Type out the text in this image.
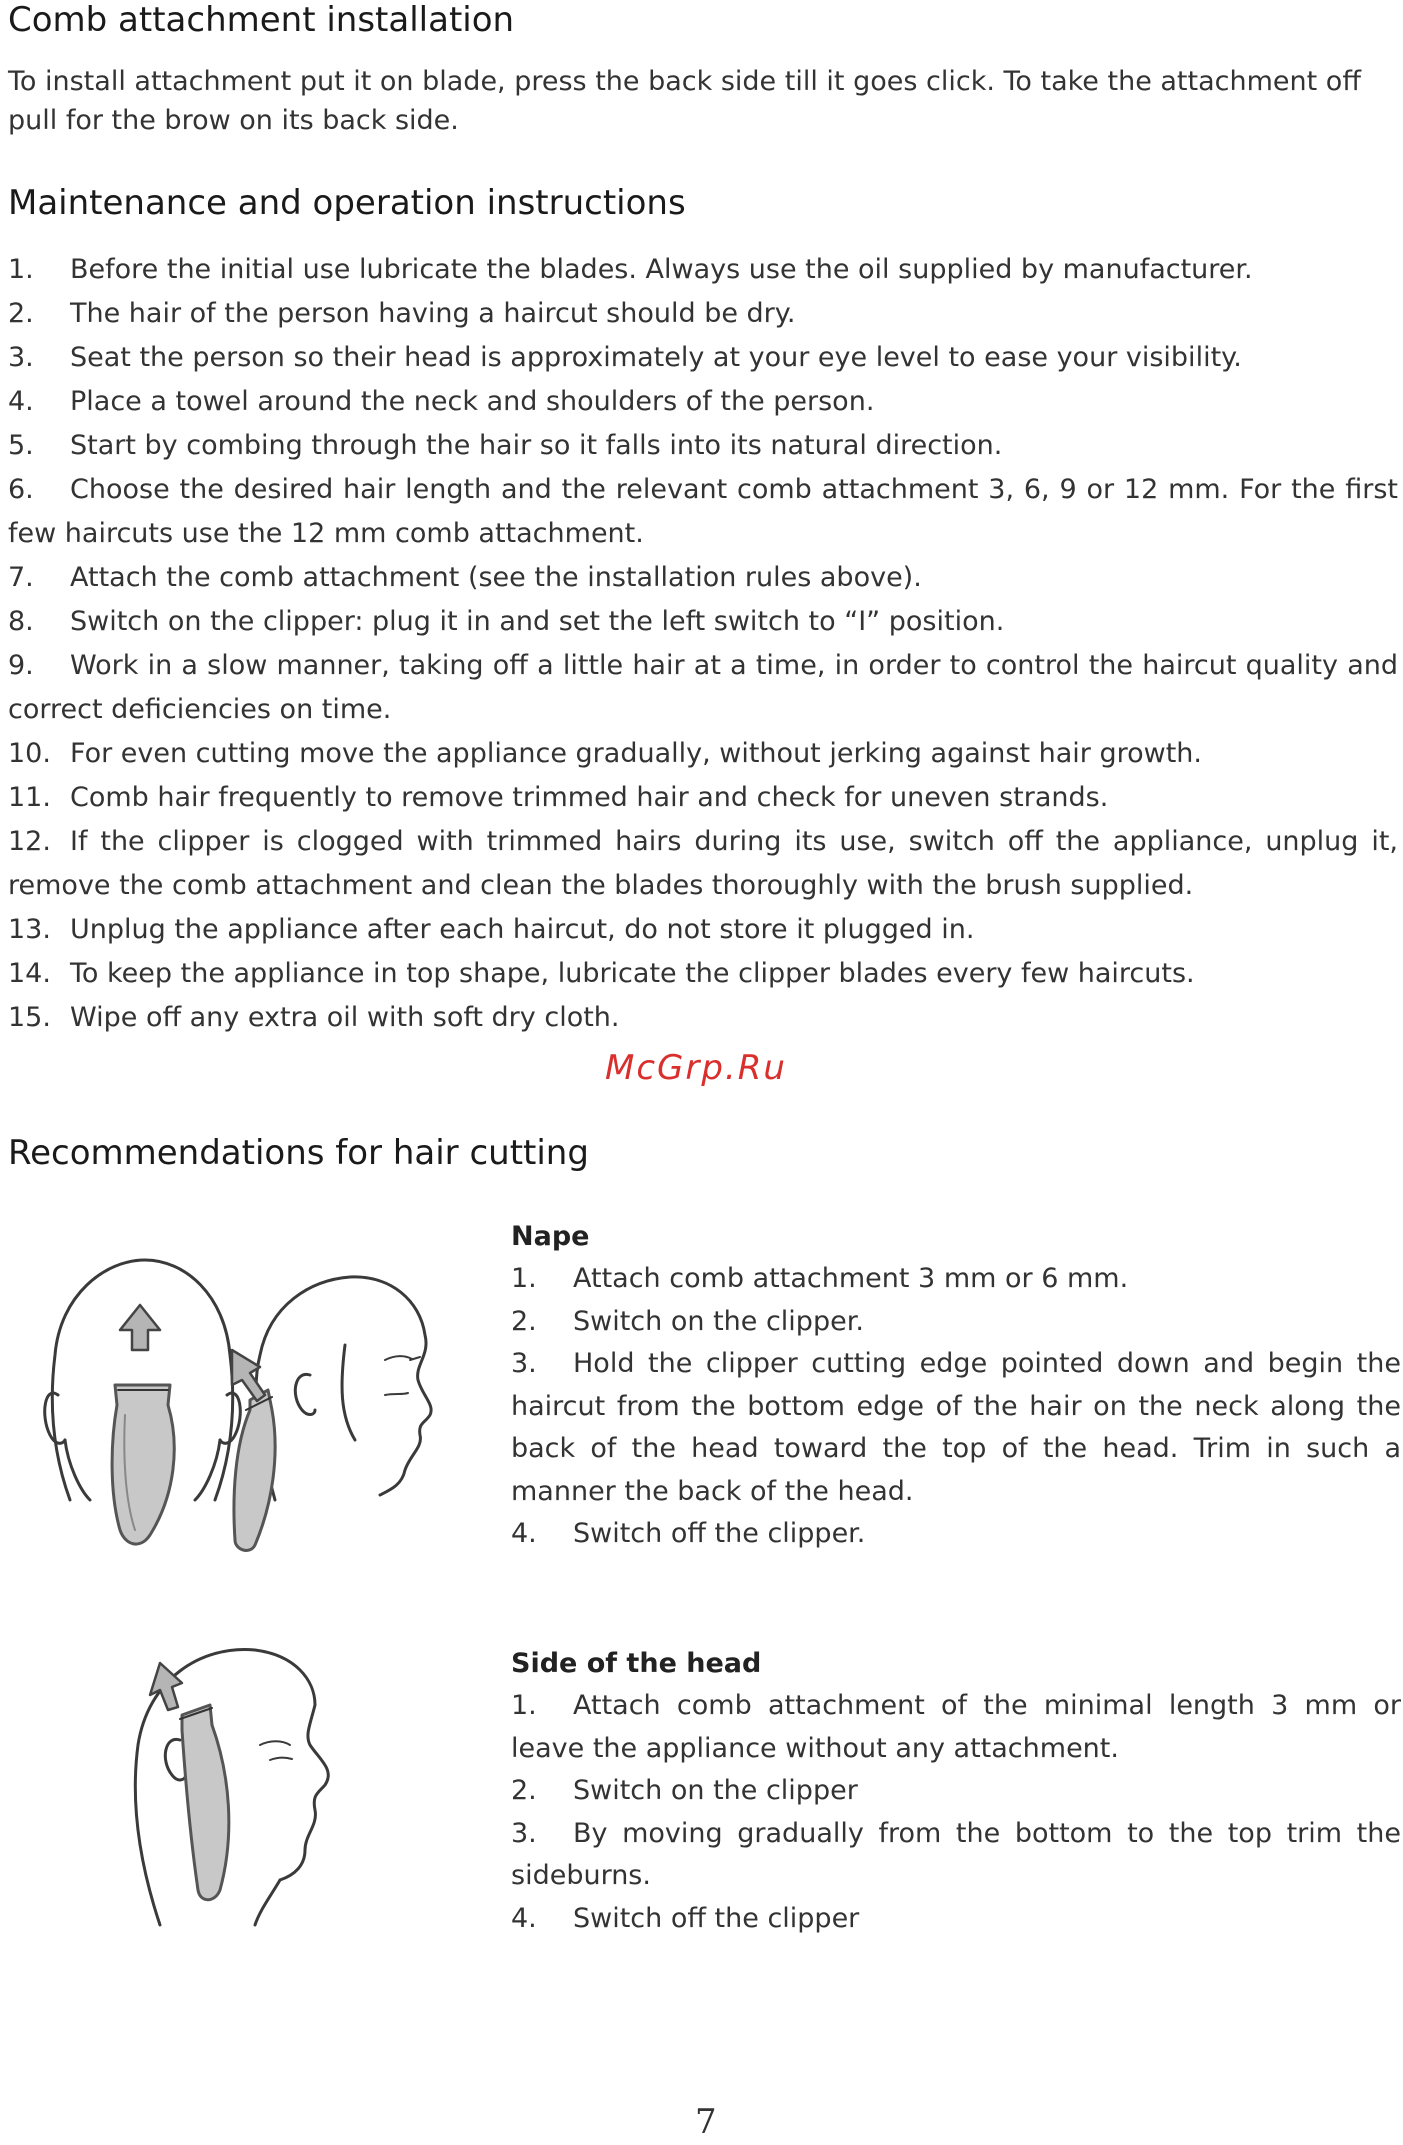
Comb attachment installation

To install attachment put it on blade, press the back side till it goes click. To take the attachment off pull for the brow on its back side.

Maintenance and operation instructions
1. Before the initial use lubricate the blades. Always use the oil supplied by manufacturer.
2. The hair of the person having a haircut should be dry.
3. Seat the person so their head is approximately at your eye level to ease your visibility.
4. Place a towel around the neck and shoulders of the person.
5. Start by combing through the hair so it falls into its natural direction.
6. Choose the desired hair length and the relevant comb attachment 3, 6, 9 or 12 mm. For the first few haircuts use the 12 mm comb attachment.
7. Attach the comb attachment (see the installation rules above).
8. Switch on the clipper: plug it in and set the left switch to “I” position.
9. Work in a slow manner, taking off a little hair at a time, in order to control the haircut quality and correct deficiencies on time.
10. For even cutting move the appliance gradually, without jerking against hair growth.
11. Comb hair frequently to remove trimmed hair and check for uneven strands.
12. If the clipper is clogged with trimmed hairs during its use, switch off the appliance, unplug it, remove the comb attachment and clean the blades thoroughly with the brush supplied.
13. Unplug the appliance after each haircut, do not store it plugged in.
14. To keep the appliance in top shape, lubricate the clipper blades every few haircuts.
15. Wipe off any extra oil with soft dry cloth.
McGrp.Ru
Recommendations for hair cutting
Nape
1. Attach comb attachment 3 mm or 6 mm.
2. Switch on the clipper.
3. Hold the clipper cutting edge pointed down and begin the haircut from the bottom edge of the hair on the neck along the back of the head toward the top of the head. Trim in such a manner the back of the head.
4. Switch off the clipper.
Side of the head
1. Attach comb attachment of the minimal length 3 mm or leave the appliance without any attachment.
2. Switch on the clipper
3. By moving gradually from the bottom to the top trim the sideburns.
4. Switch off the clipper
7
